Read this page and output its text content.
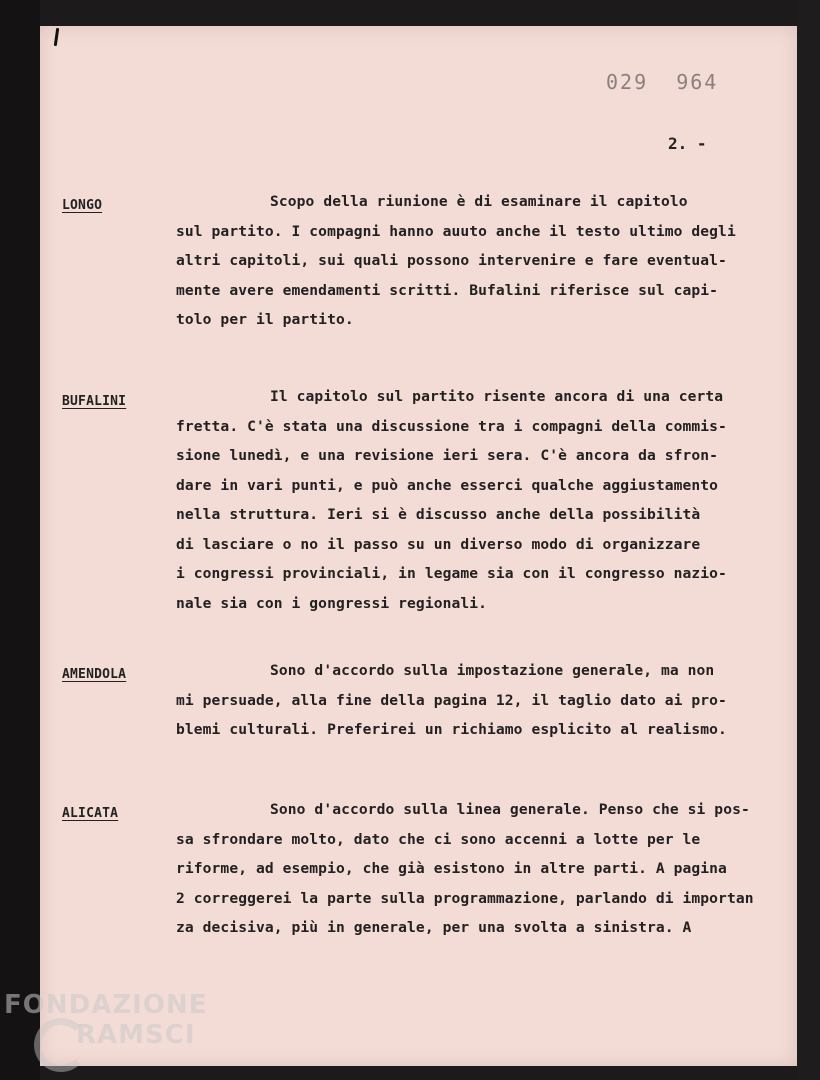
029  964
2. -
LONGO	Scopo della riunione è di esaminare il capitolo
sul partito. I compagni hanno auuto anche il testo ultimo degli
altri capitoli, sui quali possono intervenire e fare eventual-
mente avere emendamenti scritti. Bufalini riferisce sul capi-
tolo per il partito.
BUFALINI	Il capitolo sul partito risente ancora di una certa
fretta. C'è stata una discussione tra i compagni della commis-
sione lunedì, e una revisione ieri sera. C'è ancora da sfron-
dare in vari punti, e può anche esserci qualche aggiustamento
nella struttura. Ieri si è discusso anche della possibilità
di lasciare o no il passo su un diverso modo di organizzare
i congressi provinciali, in legame sia con il congresso nazio-
nale sia con i gongressi regionali.
AMENDOLA	Sono d'accordo sulla impostazione generale, ma non
mi persuade, alla fine della pagina 12, il taglio dato ai pro-
blemi culturali. Preferirei un richiamo esplicito al realismo.
ALICATA	Sono d'accordo sulla linea generale. Penso che si pos-
sa sfrondare molto, dato che ci sono accenni a lotte per le
riforme, ad esempio, che già esistono in altre parti. A pagina
2 correggerei la parte sulla programmazione, parlando di importan
za decisiva, più in generale, per una svolta a sinistra. A
FONDAZIONE
RAMSCI
